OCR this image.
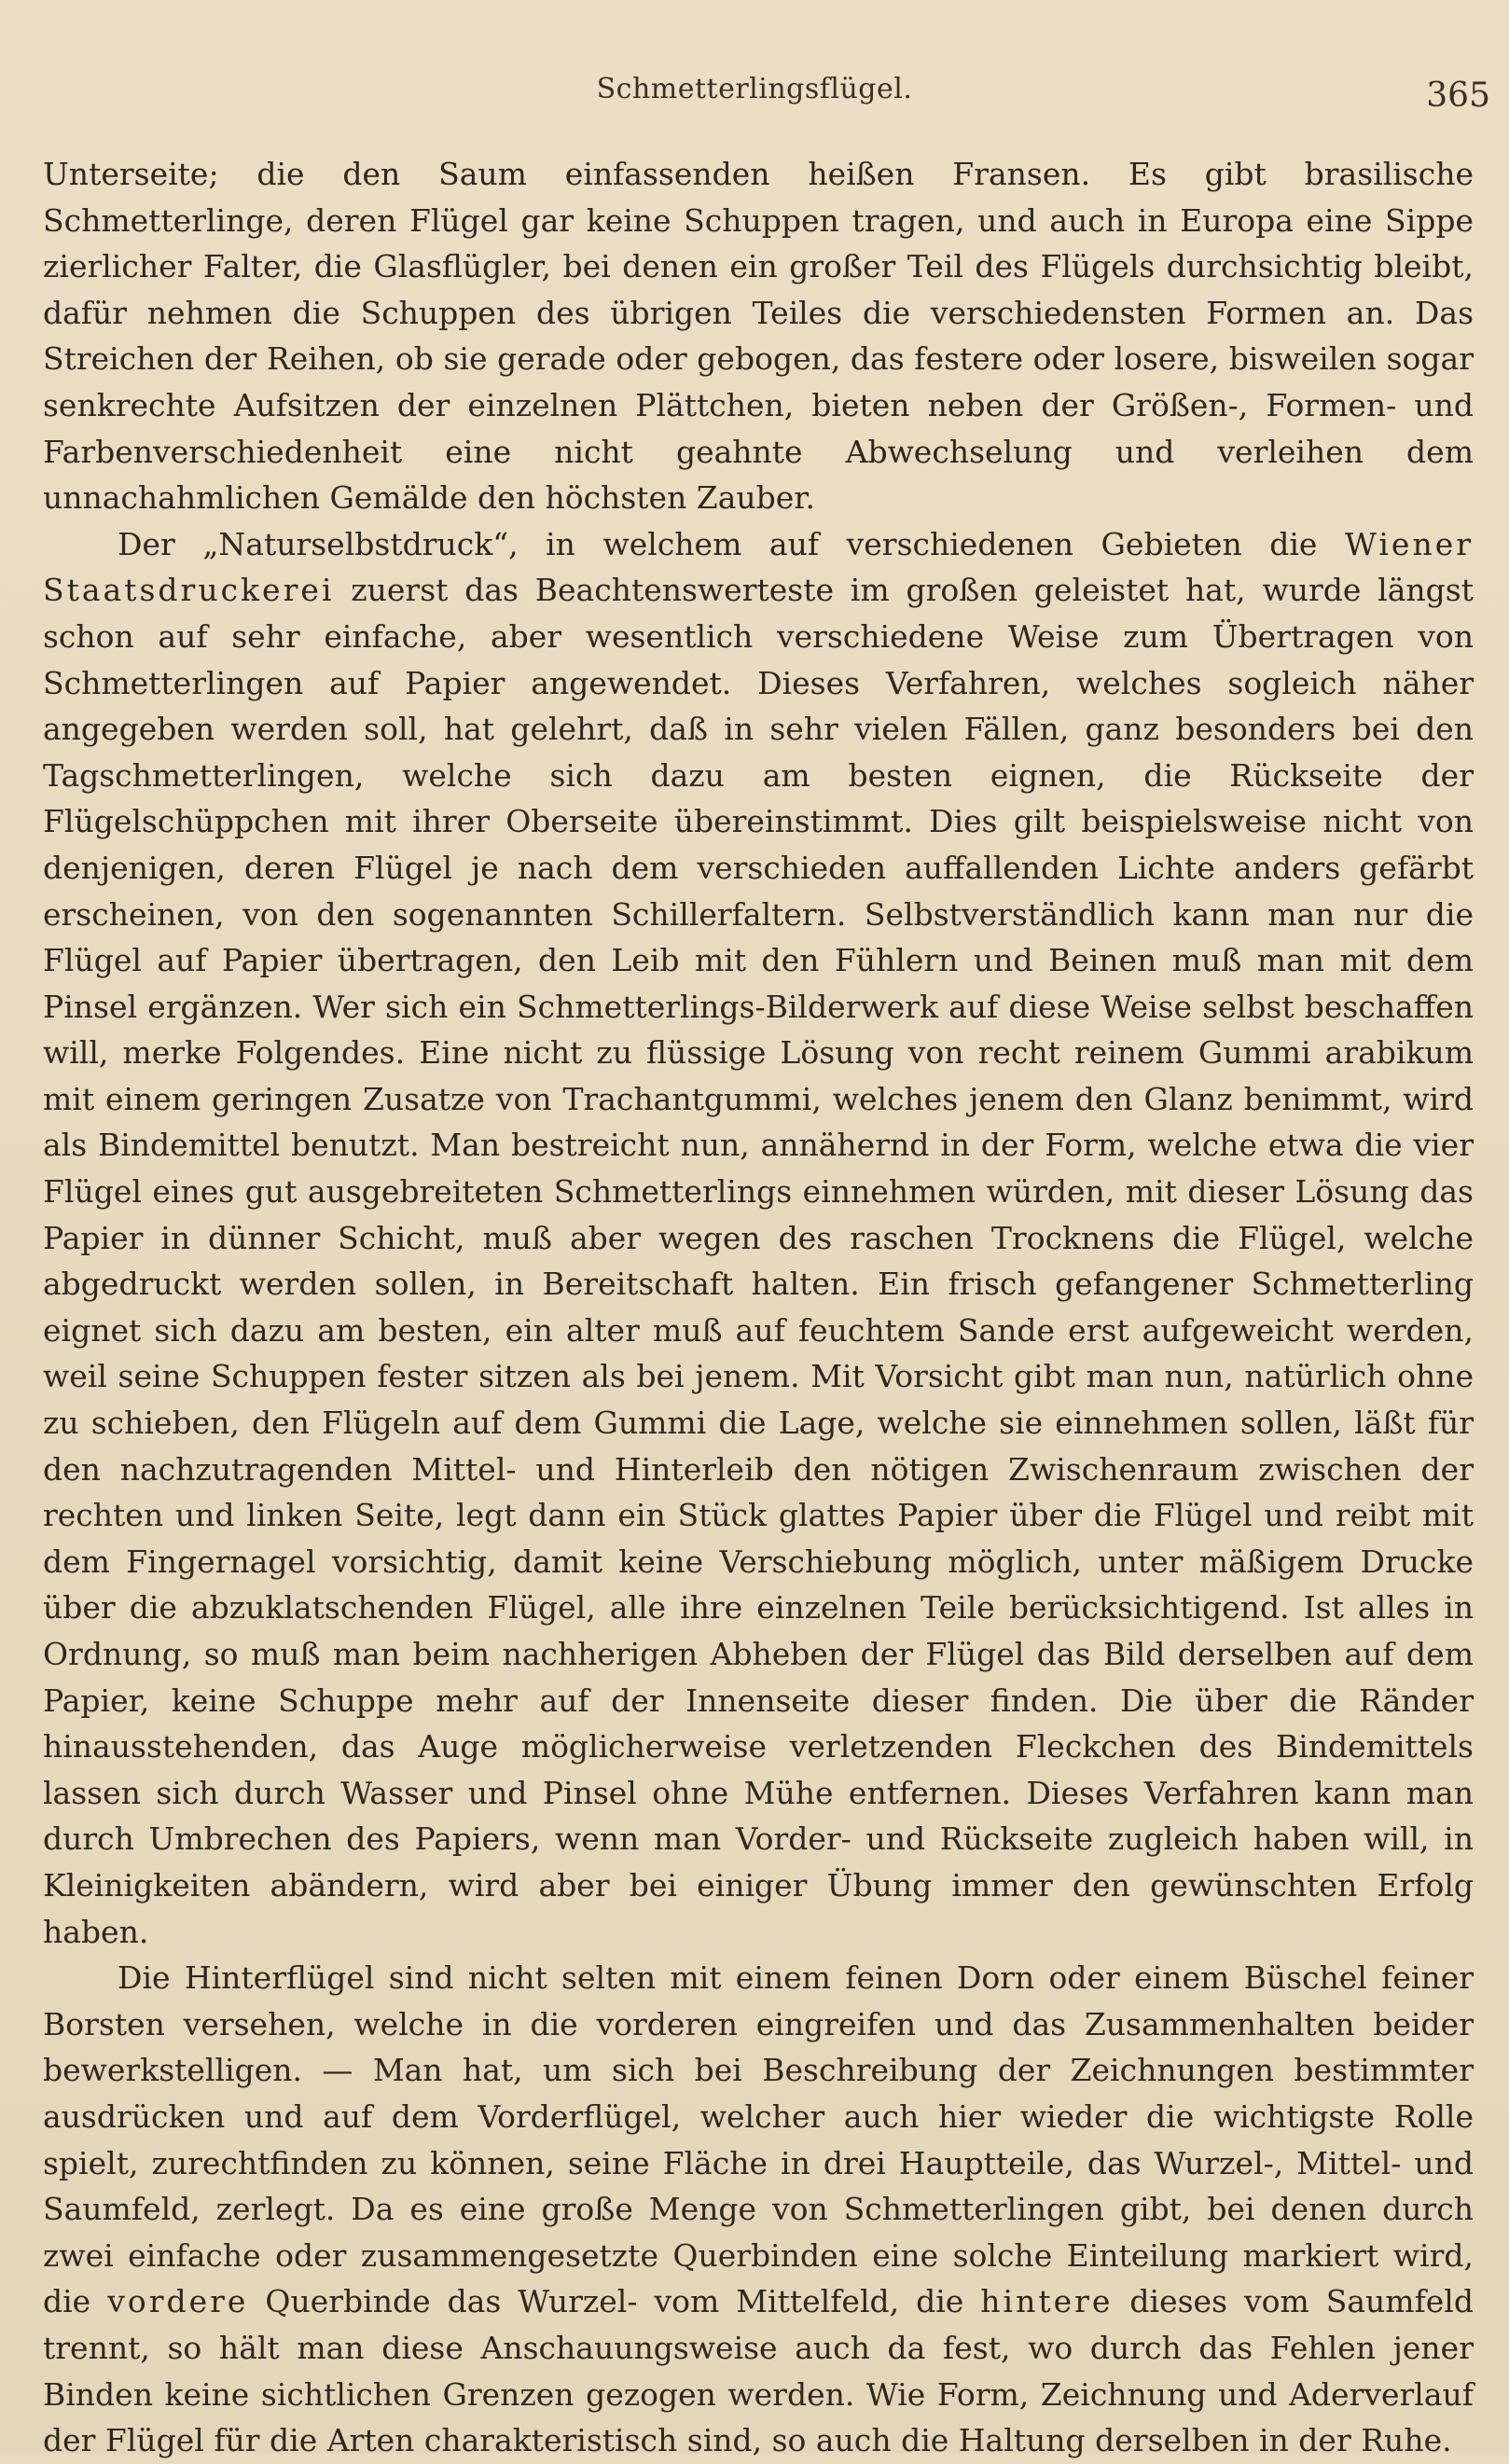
Schmetterlingsflügel.	365

Unterseite; die den Saum einfassenden heißen Fransen. Es gibt brasilische Schmetterlinge, deren Flügel gar keine Schuppen tragen, und auch in Europa eine Sippe zierlicher Falter, die Glasflügler, bei denen ein großer Teil des Flügels durchsichtig bleibt, dafür nehmen die Schuppen des übrigen Teiles die verschiedensten Formen an. Das Streichen der Reihen, ob sie gerade oder gebogen, das festere oder losere, bisweilen sogar senkrechte Aufsitzen der einzelnen Plättchen, bieten neben der Größen-, Formen- und Farbenverschiedenheit eine nicht geahnte Abwechselung und verleihen dem unnachahmlichen Gemälde den höchsten Zauber.

Der „Naturselbstdruck“, in welchem auf verschiedenen Gebieten die Wiener Staatsdruckerei zuerst das Beachtenswerteste im großen geleistet hat, wurde längst schon auf sehr einfache, aber wesentlich verschiedene Weise zum Übertragen von Schmetterlingen auf Papier angewendet. Dieses Verfahren, welches sogleich näher angegeben werden soll, hat gelehrt, daß in sehr vielen Fällen, ganz besonders bei den Tagschmetterlingen, welche sich dazu am besten eignen, die Rückseite der Flügelschüppchen mit ihrer Oberseite übereinstimmt. Dies gilt beispielsweise nicht von denjenigen, deren Flügel je nach dem verschieden auffallenden Lichte anders gefärbt erscheinen, von den sogenannten Schillerfaltern. Selbstverständlich kann man nur die Flügel auf Papier übertragen, den Leib mit den Fühlern und Beinen muß man mit dem Pinsel ergänzen. Wer sich ein Schmetterlings-Bilderwerk auf diese Weise selbst beschaffen will, merke Folgendes. Eine nicht zu flüssige Lösung von recht reinem Gummi arabikum mit einem geringen Zusatze von Trachantgummi, welches jenem den Glanz benimmt, wird als Bindemittel benutzt. Man bestreicht nun, annähernd in der Form, welche etwa die vier Flügel eines gut ausgebreiteten Schmetterlings einnehmen würden, mit dieser Lösung das Papier in dünner Schicht, muß aber wegen des raschen Trocknens die Flügel, welche abgedruckt werden sollen, in Bereitschaft halten. Ein frisch gefangener Schmetterling eignet sich dazu am besten, ein alter muß auf feuchtem Sande erst aufgeweicht werden, weil seine Schuppen fester sitzen als bei jenem. Mit Vorsicht gibt man nun, natürlich ohne zu schieben, den Flügeln auf dem Gummi die Lage, welche sie einnehmen sollen, läßt für den nachzutragenden Mittel- und Hinterleib den nötigen Zwischenraum zwischen der rechten und linken Seite, legt dann ein Stück glattes Papier über die Flügel und reibt mit dem Fingernagel vorsichtig, damit keine Verschiebung möglich, unter mäßigem Drucke über die abzuklatschenden Flügel, alle ihre einzelnen Teile berücksichtigend. Ist alles in Ordnung, so muß man beim nachherigen Abheben der Flügel das Bild derselben auf dem Papier, keine Schuppe mehr auf der Innenseite dieser finden. Die über die Ränder hinausstehenden, das Auge möglicherweise verletzenden Fleckchen des Bindemittels lassen sich durch Wasser und Pinsel ohne Mühe entfernen. Dieses Verfahren kann man durch Umbrechen des Papiers, wenn man Vorder- und Rückseite zugleich haben will, in Kleinigkeiten abändern, wird aber bei einiger Übung immer den gewünschten Erfolg haben.

Die Hinterflügel sind nicht selten mit einem feinen Dorn oder einem Büschel feiner Borsten versehen, welche in die vorderen eingreifen und das Zusammenhalten beider bewerkstelligen. — Man hat, um sich bei Beschreibung der Zeichnungen bestimmter ausdrücken und auf dem Vorderflügel, welcher auch hier wieder die wichtigste Rolle spielt, zurechtfinden zu können, seine Fläche in drei Hauptteile, das Wurzel-, Mittel- und Saumfeld, zerlegt. Da es eine große Menge von Schmetterlingen gibt, bei denen durch zwei einfache oder zusammengesetzte Querbinden eine solche Einteilung markiert wird, die vordere Querbinde das Wurzel- vom Mittelfeld, die hintere dieses vom Saumfeld trennt, so hält man diese Anschauungsweise auch da fest, wo durch das Fehlen jener Binden keine sichtlichen Grenzen gezogen werden. Wie Form, Zeichnung und Aderverlauf der Flügel für die Arten charakteristisch sind, so auch die Haltung derselben in der Ruhe.
